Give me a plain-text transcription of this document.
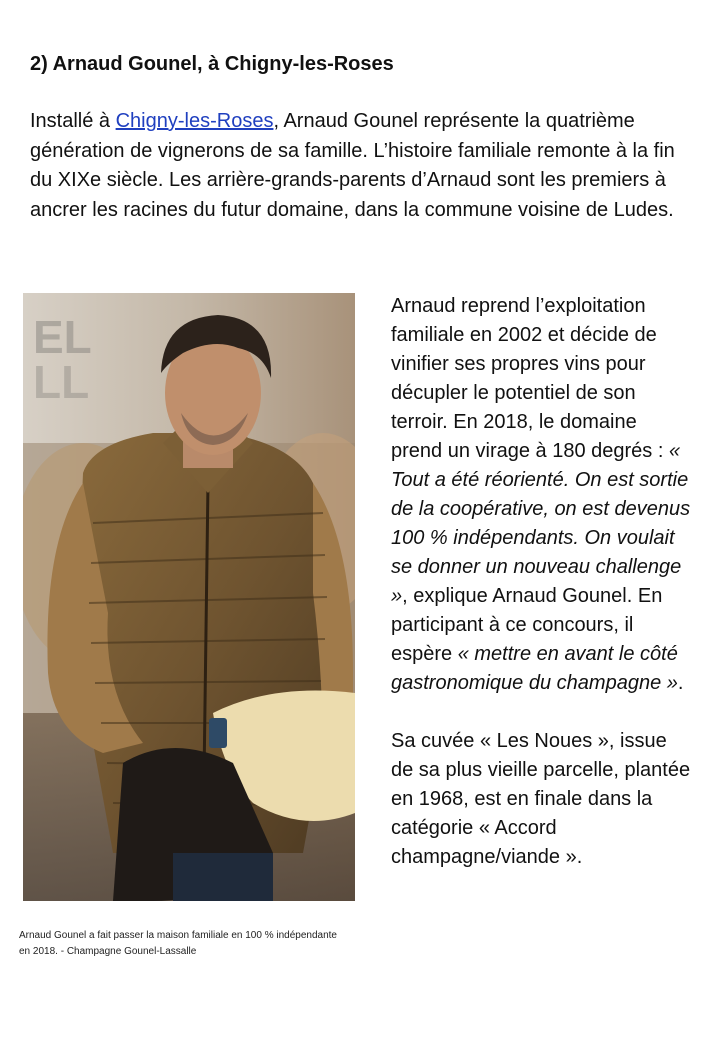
2) Arnaud Gounel, à Chigny-les-Roses
Installé à Chigny-les-Roses, Arnaud Gounel représente la quatrième génération de vignerons de sa famille. L’histoire familiale remonte à la fin du XIXe siècle. Les arrière-grands-parents d’Arnaud sont les premiers à ancrer les racines du futur domaine, dans la commune voisine de Ludes.
EL
LL
Arnaud Gounel a fait passer la maison familiale en 100 % indépendante en 2018. - Champagne Gounel-Lassalle

Arnaud reprend l’exploitation familiale en 2002 et décide de vinifier ses propres vins pour décupler le potentiel de son terroir. En 2018, le domaine prend un virage à 180 degrés : « Tout a été réorienté. On est sortie de la coopérative, on est devenus 100 % indépendants. On voulait se donner un nouveau challenge », explique Arnaud Gounel. En participant à ce concours, il espère « mettre en avant le côté gastronomique du champagne ».

Sa cuvée « Les Noues », issue de sa plus vieille parcelle, plantée en 1968, est en finale dans la catégorie « Accord champagne/viande ».
